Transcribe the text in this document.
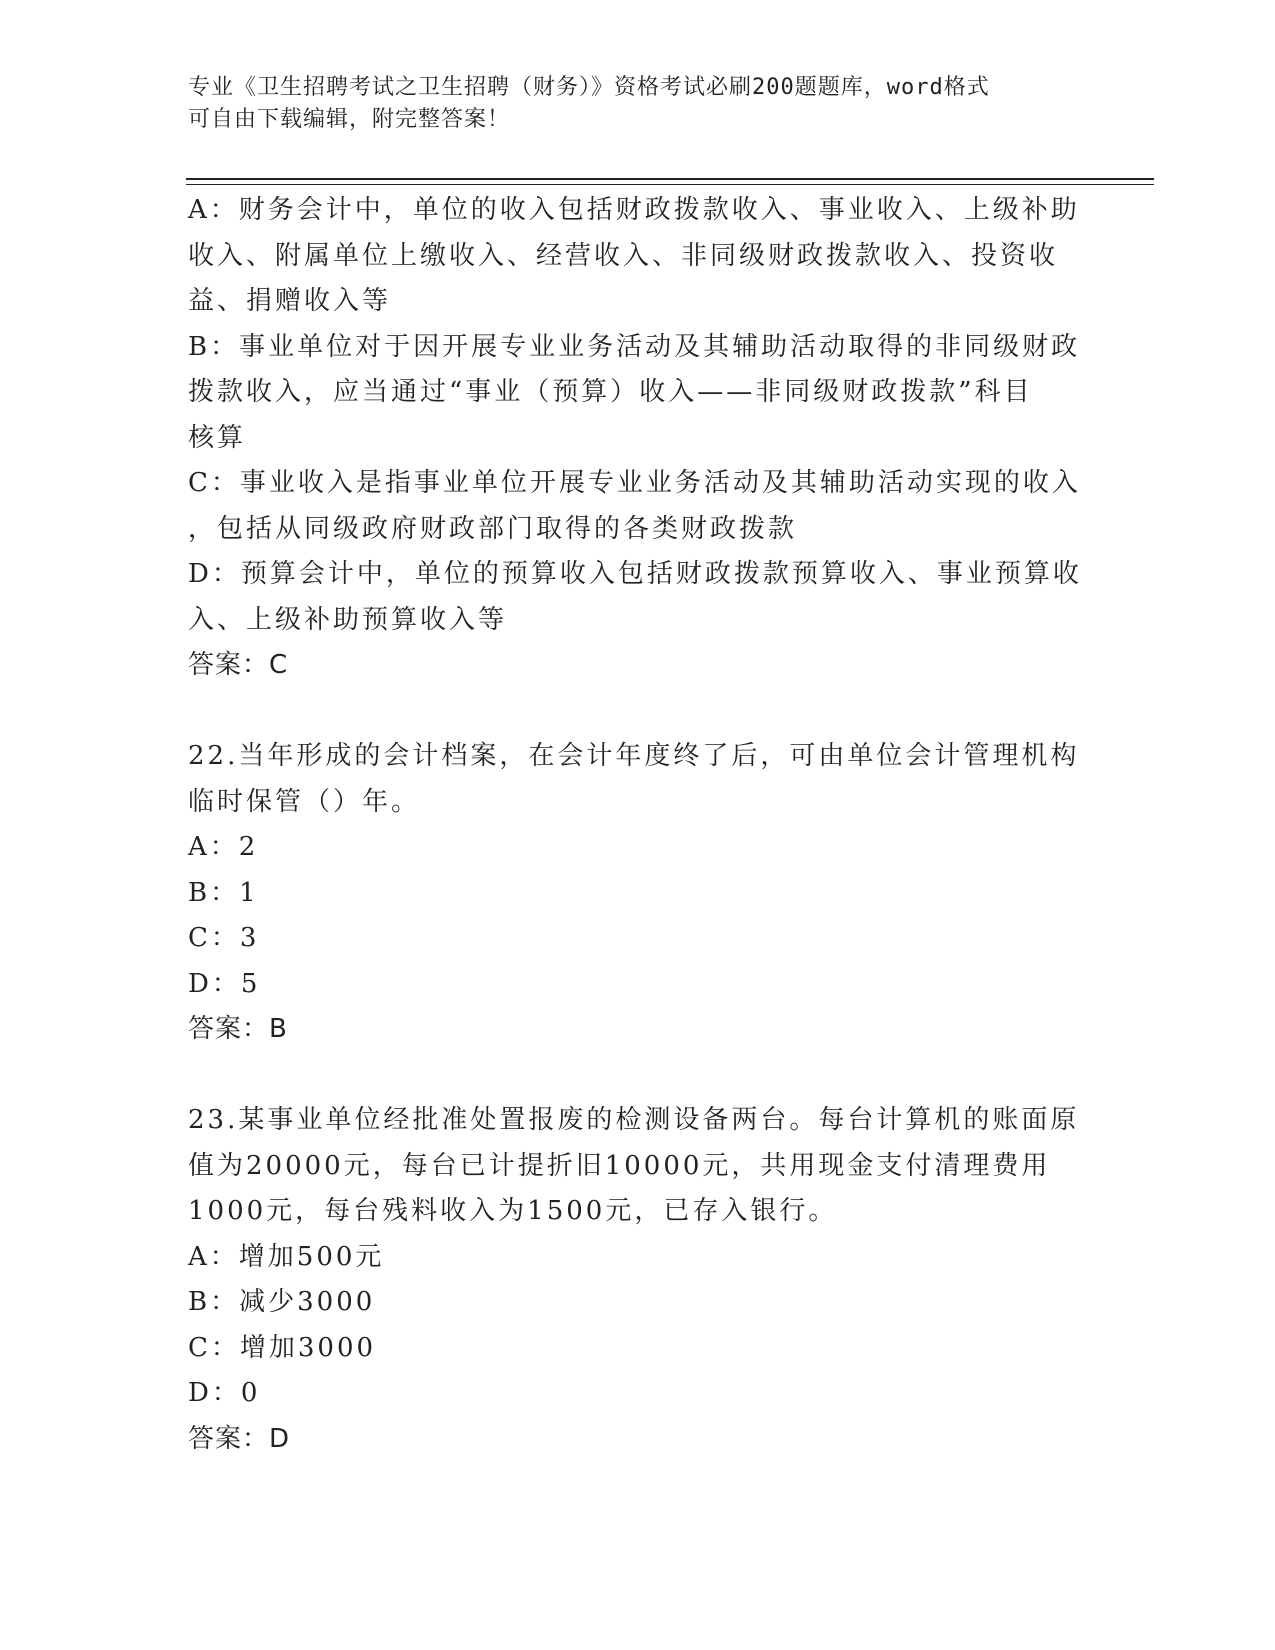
专业《卫生招聘考试之卫生招聘（财务）》资格考试必刷200题题库，word格式
可自由下载编辑，附完整答案！
A：财务会计中，单位的收入包括财政拨款收入、事业收入、上级补助
收入、附属单位上缴收入、经营收入、非同级财政拨款收入、投资收
益、捐赠收入等
B：事业单位对于因开展专业业务活动及其辅助活动取得的非同级财政
拨款收入，应当通过“事业（预算）收入——非同级财政拨款”科目
核算
C：事业收入是指事业单位开展专业业务活动及其辅助活动实现的收入
，包括从同级政府财政部门取得的各类财政拨款
D：预算会计中，单位的预算收入包括财政拨款预算收入、事业预算收
入、上级补助预算收入等
答案：C
22.当年形成的会计档案，在会计年度终了后，可由单位会计管理机构
临时保管（）年。
A：2
B：1
C：3
D：5
答案：B
23.某事业单位经批准处置报废的检测设备两台。每台计算机的账面原
值为20000元，每台已计提折旧10000元，共用现金支付清理费用
1000元，每台残料收入为1500元，已存入银行。
A：增加500元
B：减少3000
C：增加3000
D：0
答案：D
